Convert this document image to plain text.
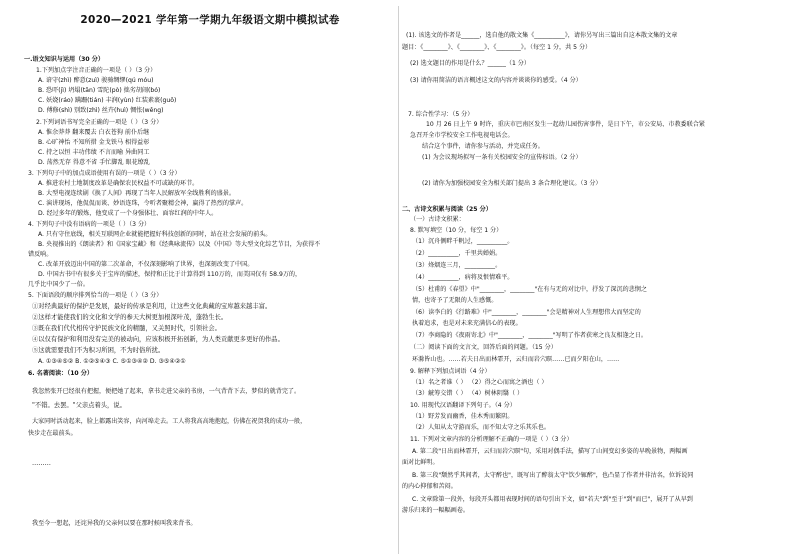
2020—2021 学年第一学期九年级语文期中模拟试卷
一.语文知识与运用（30 分）
1.下列加点字注音正确的一项是（ ）（3 分）
A. 谙守(zhì) 醉意(zuì) 骏骑绸缪(qú móu)
B. 恐吓(jì) 坍塌(tān) 雪陀(pò) 拙劣胡闹(bó)
C. 妖娆(ráo) 蹒跚(tián) 丰润(yùn) 红装素裹(guǒ)
D. 傅修(shì) 别致(zhì) 丝卉(huì) 惆怅(wěng)
2.下列词语书写完全正确的一项是（ ）（3 分）
A. 惟余莽莽 翻来覆去 白衣苍狗 前仆后继
B. 心旷神怡 不知所措 金戈铁马 相得益彰
C. 持之以恒 丰功伟绩 不言而喻 异曲同工
D. 荡然无存 得意不省 手忙脚乱 眼花缭乱
3. 下列句子中的加点成语使用有误的一项是（ ）（3 分）
A. 推进农村土地制度改革是确保农民权益不可或缺的环节。
B. 大型电视连续剧《换了人间》再现了当年人民解放军全线胜利的盛景。
C. 演讲现场，他侃侃而谈、妙语连珠，令听者聚精会神，赢得了热烈的掌声。
D. 经过多年的锻炼，他变成了一个身强体壮、面容红润的中年人。
4. 下列句子中没有语病的一项是（ ）（3 分）
A. 只有守住底线，相关互联网企业就能把握好科技创新的同时，站在社会发展的前头。
B. 央视推出的《朗读者》和《国家宝藏》和《经典咏流传》以及《中国》等大型文化综艺节目，为获得不
错反响。
C. 改革开放迈出中国的第二次革命，不仅深刻影响了世界，也深刻改变了中国。
D. 中国古书中有很多关于宝库的描述，保持和正比于计算得到 110万的，而美国仅有 58.9万的，
几乎比中国少了一倍。
5. 下面语段的顺序排列恰当的一项是（ ）（3 分）
①对经典最好的保护是发展，最好的传承是利用，让这些文化典藏的宝库越来越丰富。
②这样才能使我们的文化和文学的参天大树更加根深叶茂，蓬勃生长。
③既在我们代代相传守护民族文化的精髓，又关照时代，引领社会。
④以仅有保护和利用没有完美的被动向，应该积极开拓创新，为人类贡献更多更好的作品。
⑤这就需要我们不为积习所困，不为时俗所扰。
A. ①③④⑤② B. ①②⑤④③ C. ⑤①③④② D. ③⑤④②①
6. 名著阅读：（10 分）
我忽然张开已经很有把握，便把她了起来，拿书走进父亲的书房，一气背背下去，梦似的就背完了。
"不错。去罢。"父亲点着头，说。
大家同时活动起来，脸上都露出笑容，向河埠走去。工人将我高高地抱起，仿佛在祝贺我的成功一般，
快步走在最前头。
………
我至今一想起，还诧异我的父亲何以要在那时候叫我来背书。
(1). 该选文的作者是______，选自他的散文集《__________》，请你另写出三篇出自这本散文集的文章
题目：《________》、《________》、《________》。（每空 1 分，共 5 分）
(2) 选文题目的作用是什么？______（1 分）
(3) 请你用简洁的语言概述这文的内容并谈谈你的感受。（4 分）
7. 综合性学习：（5 分）
10 月 26 日上午 9 时许，重庆市巴南区发生一起幼儿园伤害事件，是日下午，市公安局、市教委联合紧
急召开全市学校安全工作电视电话会。
结合这个事件，请你参与活动，并完成任务。
(1) 为会议现场拟写一条有关校园安全的宣传标语。（2 分）
(2) 请你为加强校园安全为相关部门提出 3 条合理化建议。（3 分）
二、古诗文积累与阅读（25 分）
（一）古诗文积累：
8. 默写填空（10 分，每空 1 分）
（1）沉舟侧畔千帆过，__________。
（2）__________，千里共婵娟。
（3）烽烟连三月，__________。
（4）__________，病将及恨情难平。
（5）杜甫的《春望》中"________，________"在有与无的对比中，抒发了深沉的悲悯之
情，也寄予了无限的人生感慨。
（6）读李白的《行路难》中"________，________"会是精神对人生理想伟大而坚定的
执着追求，也是对未来充满信心的表现。
（7）李商隐的《夜雨寄北》中"________，________"写明了作者获寒之良友相逢之日。
（二）阅读下面的文言文，回答后面的问题。（15 分）
环滁皆山也。……若夫日出而林霏开，云归而岩穴暝……已而夕阳在山，……
9. 解释下列加点词语（4 分）
（1）名之者谁（ ） （2）得之心而寓之酒也（ ）
（3）觥筹交错（ ） （4）树林阴翳（ ）
10. 用现代汉语翻译下列句子。（4 分）
（1）野芳发而幽香，佳木秀而繁阴。
（2）人知从太守游而乐，而不知太守之乐其乐也。
11. 下列对文章内容的分析理解不正确的一项是（ ）（3 分）
A. 第二段"日出而林霏开，云归而岩穴暝"句，采用对偶手法，描写了山间变幻多姿的早晚景物，两幅画
面对比鲜明。
B. 第三段"颓然乎其间者，太守醉也"，既写出了醉翁太守"饮少辄醉"，也凸显了作者并非沽名，位诉说同
的内心抑郁和苦闷。
C. 文章除第一段外，每段开头都用表现时间的语句引出下文，如"若夫"到"至于"到"而已"，展开了从早到
游乐归来的一幅幅画卷。
